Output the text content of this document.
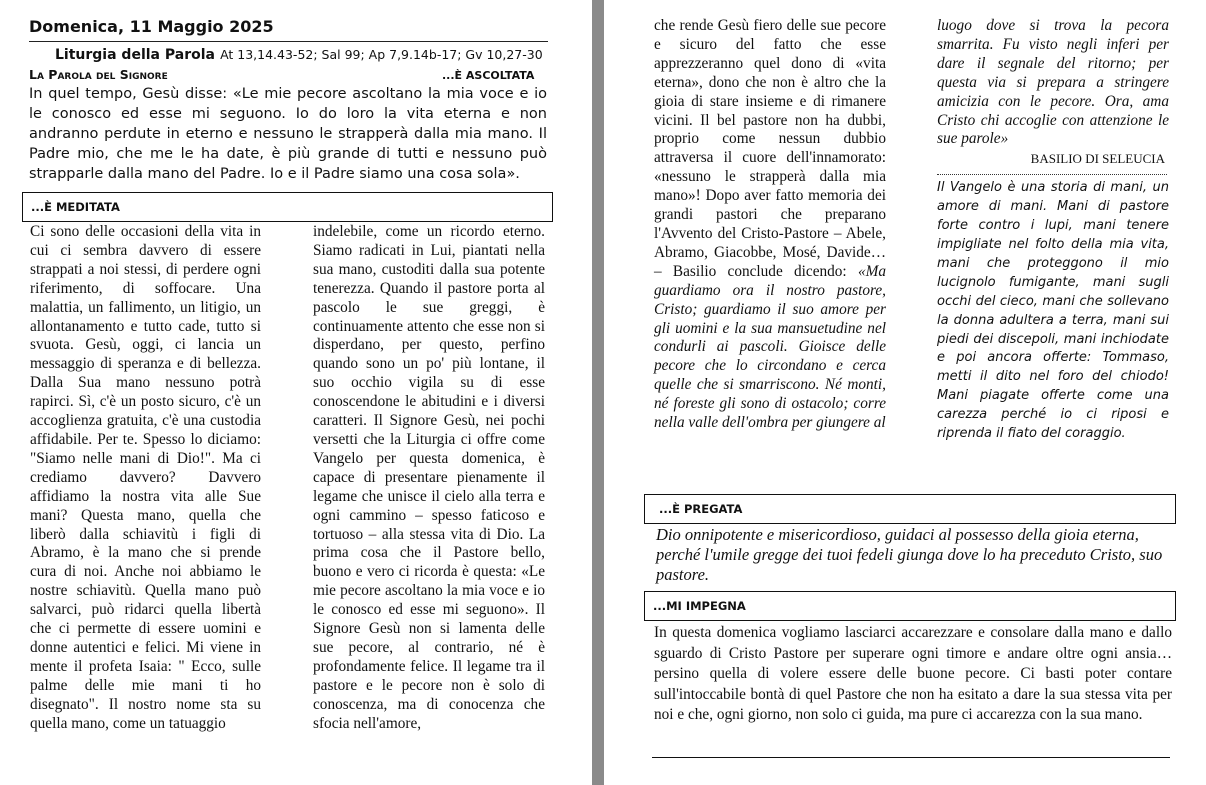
Domenica, 11 Maggio 2025
Liturgia della Parola At 13,14.43-52; Sal 99; Ap 7,9.14b-17; Gv 10,27-30
La Parola del Signore	...È ASCOLTATA
In quel tempo, Gesù disse: «Le mie pecore ascoltano la mia voce e io le conosco ed esse mi seguono. Io do loro la vita eterna e non andranno perdute in eterno e nessuno le strapperà dalla mia mano. Il Padre mio, che me le ha date, è più grande di tutti e nessuno può strapparle dalla mano del Padre. Io e il Padre siamo una cosa sola».
...È MEDITATA

Ci sono delle occasioni della vita in cui ci sembra davvero di essere strappati a noi stessi, di perdere ogni riferimento, di soffocare. Una malattia, un fallimento, un litigio, un allontanamento e tutto cade, tutto si svuota. Gesù, oggi, ci lancia un messaggio di speranza e di bellezza. Dalla Sua mano nessuno potrà rapirci. Sì, c'è un posto sicuro, c'è un accoglienza gratuita, c'è una custodia affidabile. Per te. Spesso lo diciamo: "Siamo nelle mani di Dio!". Ma ci crediamo davvero? Davvero affidiamo la nostra vita alle Sue mani? Questa mano, quella che liberò dalla schiavitù i figli di Abramo, è la mano che si prende cura di noi. Anche noi abbiamo le nostre schiavitù. Quella mano può salvarci, può ridarci quella libertà che ci permette di essere uomini e donne autentici e felici. Mi viene in mente il profeta Isaia: " Ecco, sulle palme delle mie mani ti ho disegnato". Il nostro nome sta su quella mano, come un tatuaggio

indelebile, come un ricordo eterno. Siamo radicati in Lui, piantati nella sua mano, custoditi dalla sua potente tenerezza. Quando il pastore porta al pascolo le sue greggi, è continuamente attento che esse non si disperdano, per questo, perfino quando sono un po' più lontane, il suo occhio vigila su di esse conoscendone le abitudini e i diversi caratteri. Il Signore Gesù, nei pochi versetti che la Liturgia ci offre come Vangelo per questa domenica, è capace di presentare pienamente il legame che unisce il cielo alla terra e ogni cammino – spesso faticoso e tortuoso – alla stessa vita di Dio. La prima cosa che il Pastore bello, buono e vero ci ricorda è questa: «Le mie pecore ascoltano la mia voce e io le conosco ed esse mi seguono». Il Signore Gesù non si lamenta delle sue pecore, al contrario, né è profondamente felice. Il legame tra il pastore e le pecore non è solo di conoscenza, ma di conocenza che sfocia nell'amore,

che rende Gesù fiero delle sue pecore e sicuro del fatto che esse apprezzeranno quel dono di «vita eterna», dono che non è altro che la gioia di stare insieme e di rimanere vicini. Il bel pastore non ha dubbi, proprio come nessun dubbio attraversa il cuore dell'innamorato: «nessuno le strapperà dalla mia mano»! Dopo aver fatto memoria dei grandi pastori che preparano l'Avvento del Cristo-Pastore – Abele, Abramo, Giacobbe, Mosé, Davide… – Basilio conclude dicendo: «Ma guardiamo ora il nostro pastore, Cristo; guardiamo il suo amore per gli uomini e la sua mansuetudine nel condurli ai pascoli. Gioisce delle pecore che lo circondano e cerca quelle che si smarriscono. Né monti, né foreste gli sono di ostacolo; corre nella valle dell'ombra per giungere al

luogo dove si trova la pecora smarrita. Fu visto negli inferi per dare il segnale del ritorno; per questa via si prepara a stringere amicizia con le pecore. Ora, ama Cristo chi accoglie con attenzione le sue parole»

BASILIO DI SELEUCIA

Il Vangelo è una storia di mani, un amore di mani. Mani di pastore forte contro i lupi, mani tenere impigliate nel folto della mia vita, mani che proteggono il mio lucignolo fumigante, mani sugli occhi del cieco, mani che sollevano la donna adultera a terra, mani sui piedi dei discepoli, mani inchiodate e poi ancora offerte: Tommaso, metti il dito nel foro del chiodo! Mani piagate offerte come una carezza perché io ci riposi e riprenda il fiato del coraggio.

...È PREGATA
Dio onnipotente e misericordioso, guidaci al possesso della gioia eterna, perché l'umile gregge dei tuoi fedeli giunga dove lo ha preceduto Cristo, suo pastore.
...MI IMPEGNA
In questa domenica vogliamo lasciarci accarezzare e consolare dalla mano e dallo sguardo di Cristo Pastore per superare ogni timore e andare oltre ogni ansia… persino quella di volere essere delle buone pecore. Ci basti poter contare sull'intoccabile bontà di quel Pastore che non ha esitato a dare la sua stessa vita per noi e che, ogni giorno, non solo ci guida, ma pure ci accarezza con la sua mano.
